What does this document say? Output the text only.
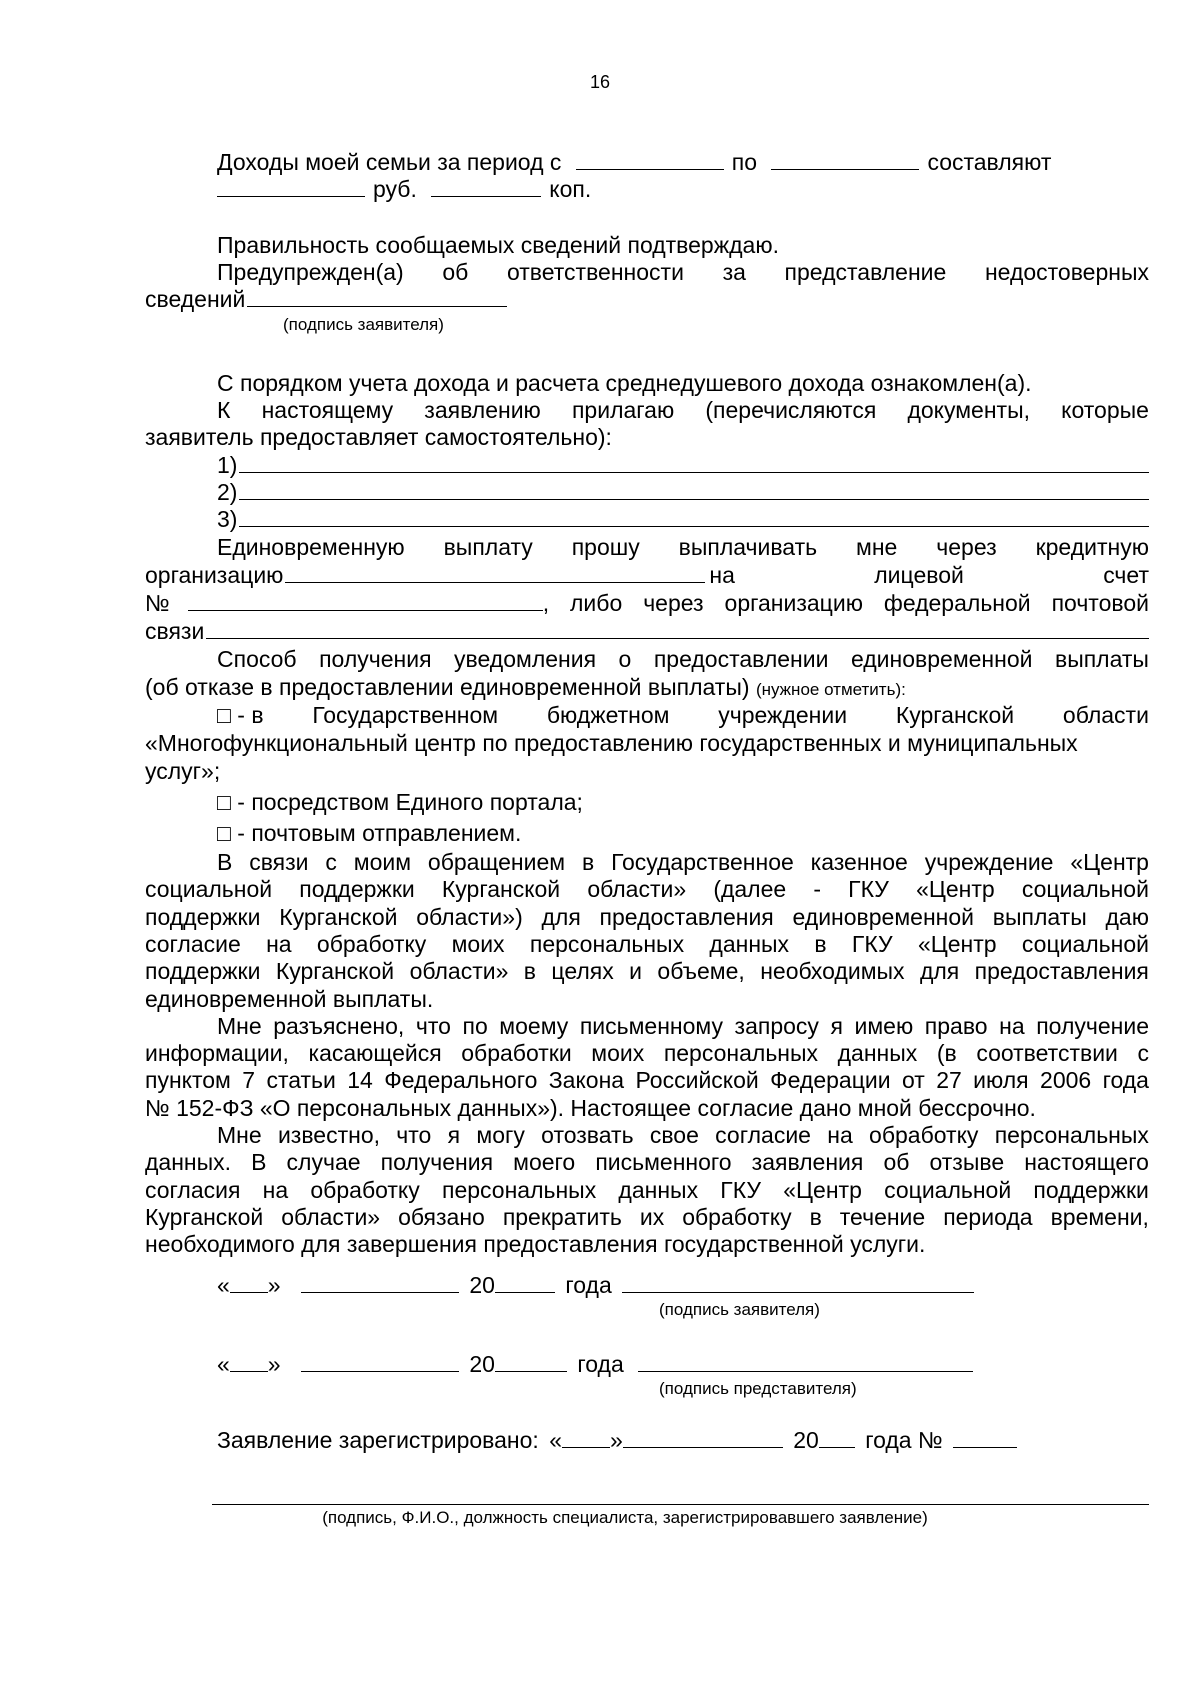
16
Доходы моей семьи за период с	по	составляют
руб.	коп.
Правильность сообщаемых сведений подтверждаю.
Предупрежден(а) об ответственности за представление недостоверных
сведений
(подпись заявителя)
С порядком учета дохода и расчета среднедушевого дохода ознакомлен(а).
К настоящему заявлению прилагаю (перечисляются документы, которые
заявитель предоставляет самостоятельно):
1)
2)
3)
Единовременную выплату прошу выплачивать мне через кредитную
организацию	на	лицевой	счет
№	, либо через организацию федеральной почтовой
связи
Способ получения уведомления о предоставлении единовременной выплаты
(об отказе в предоставлении единовременной выплаты) (нужное отметить):
□ - в Государственном бюджетном учреждении Курганской области
«Многофункциональный центр по предоставлению государственных и муниципальных
услуг»;
□ - посредством Единого портала;
□ - почтовым отправлением.
В связи с моим обращением в Государственное казенное учреждение «Центр
социальной поддержки Курганской области» (далее - ГКУ «Центр социальной
поддержки Курганской области») для предоставления единовременной выплаты даю
согласие на обработку моих персональных данных в ГКУ «Центр социальной
поддержки Курганской области» в целях и объеме, необходимых для предоставления
единовременной выплаты.
Мне разъяснено, что по моему письменному запросу я имею право на получение
информации, касающейся обработки моих персональных данных (в соответствии с
пунктом 7 статьи 14 Федерального Закона Российской Федерации от 27 июля 2006 года
№ 152-ФЗ «О персональных данных»). Настоящее согласие дано мной бессрочно.
Мне известно, что я могу отозвать свое согласие на обработку персональных
данных. В случае получения моего письменного заявления об отзыве настоящего
согласия на обработку персональных данных ГКУ «Центр социальной поддержки
Курганской области» обязано прекратить их обработку в течение периода времени,
необходимого для завершения предоставления государственной услуги.
« »	20	года
(подпись заявителя)
« »	20	года
(подпись представителя)
Заявление зарегистрировано: « »	20 года №
(подпись, Ф.И.О., должность специалиста, зарегистрировавшего заявление)
